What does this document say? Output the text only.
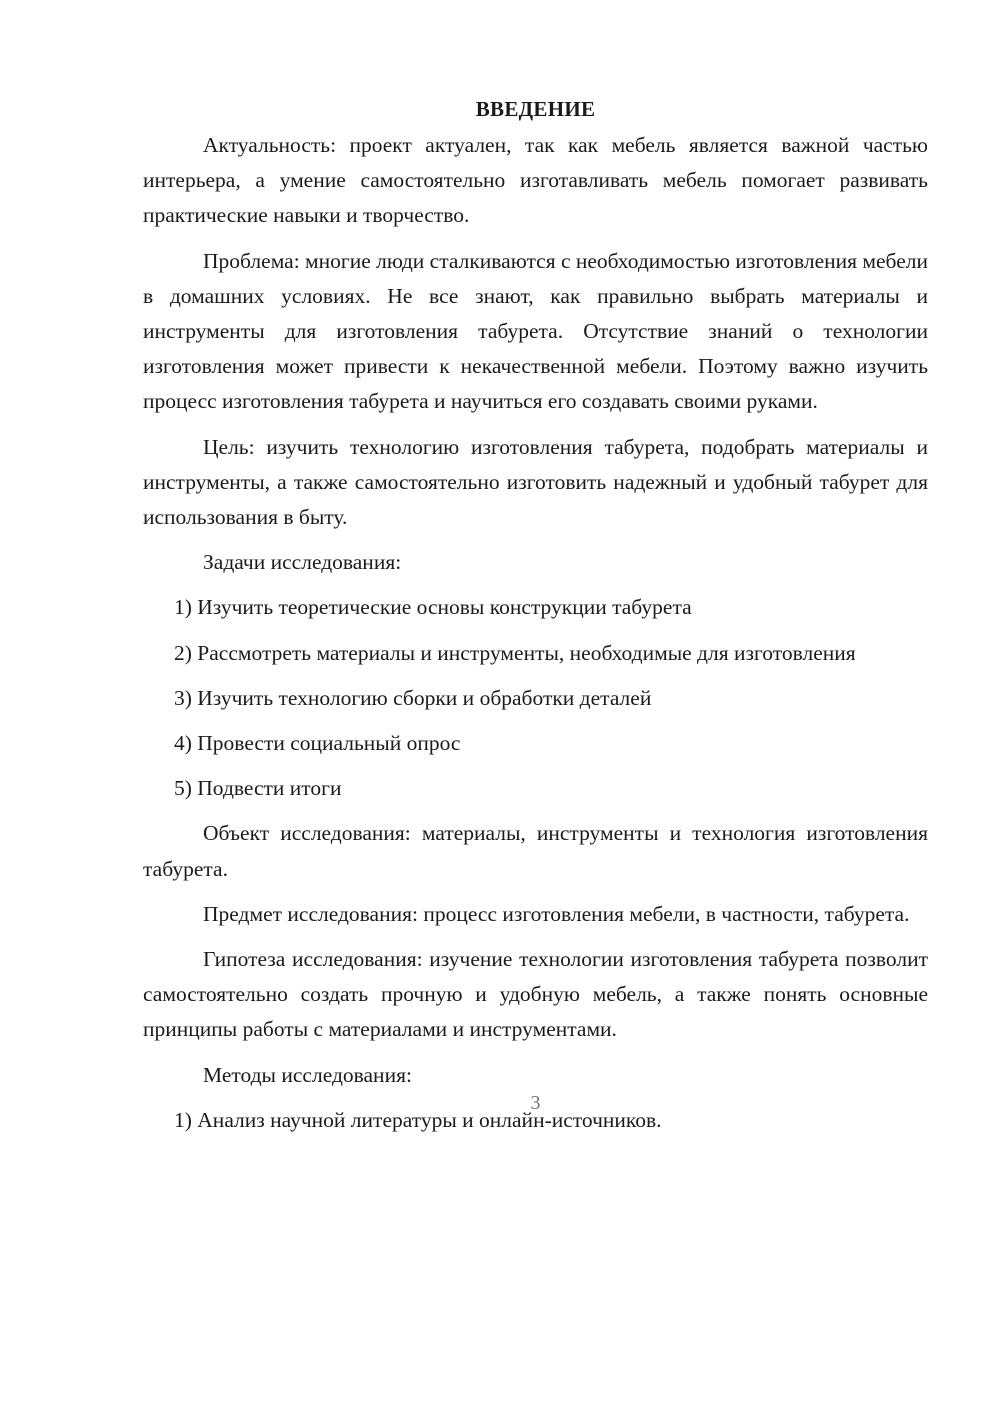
ВВЕДЕНИЕ

Актуальность: проект актуален, так как мебель является важной частью интерьера, а умение самостоятельно изготавливать мебель помогает развивать практические навыки и творчество.

Проблема: многие люди сталкиваются с необходимостью изготовления мебели в домашних условиях. Не все знают, как правильно выбрать материалы и инструменты для изготовления табурета. Отсутствие знаний о технологии изготовления может привести к некачественной мебели. Поэтому важно изучить процесс изготовления табурета и научиться его создавать своими руками.

Цель: изучить технологию изготовления табурета, подобрать материалы и инструменты, а также самостоятельно изготовить надежный и удобный табурет для использования в быту.

Задачи исследования:

1) Изучить теоретические основы конструкции табурета

2) Рассмотреть материалы и инструменты, необходимые для изготовления

3) Изучить технологию сборки и обработки деталей

4) Провести социальный опрос

5) Подвести итоги

Объект исследования: материалы, инструменты и технология изготовления табурета.

Предмет исследования: процесс изготовления мебели, в частности, табурета.

Гипотеза исследования: изучение технологии изготовления табурета позволит самостоятельно создать прочную и удобную мебель, а также понять основные принципы работы с материалами и инструментами.

Методы исследования:

1) Анализ научной литературы и онлайн-источников.

3
